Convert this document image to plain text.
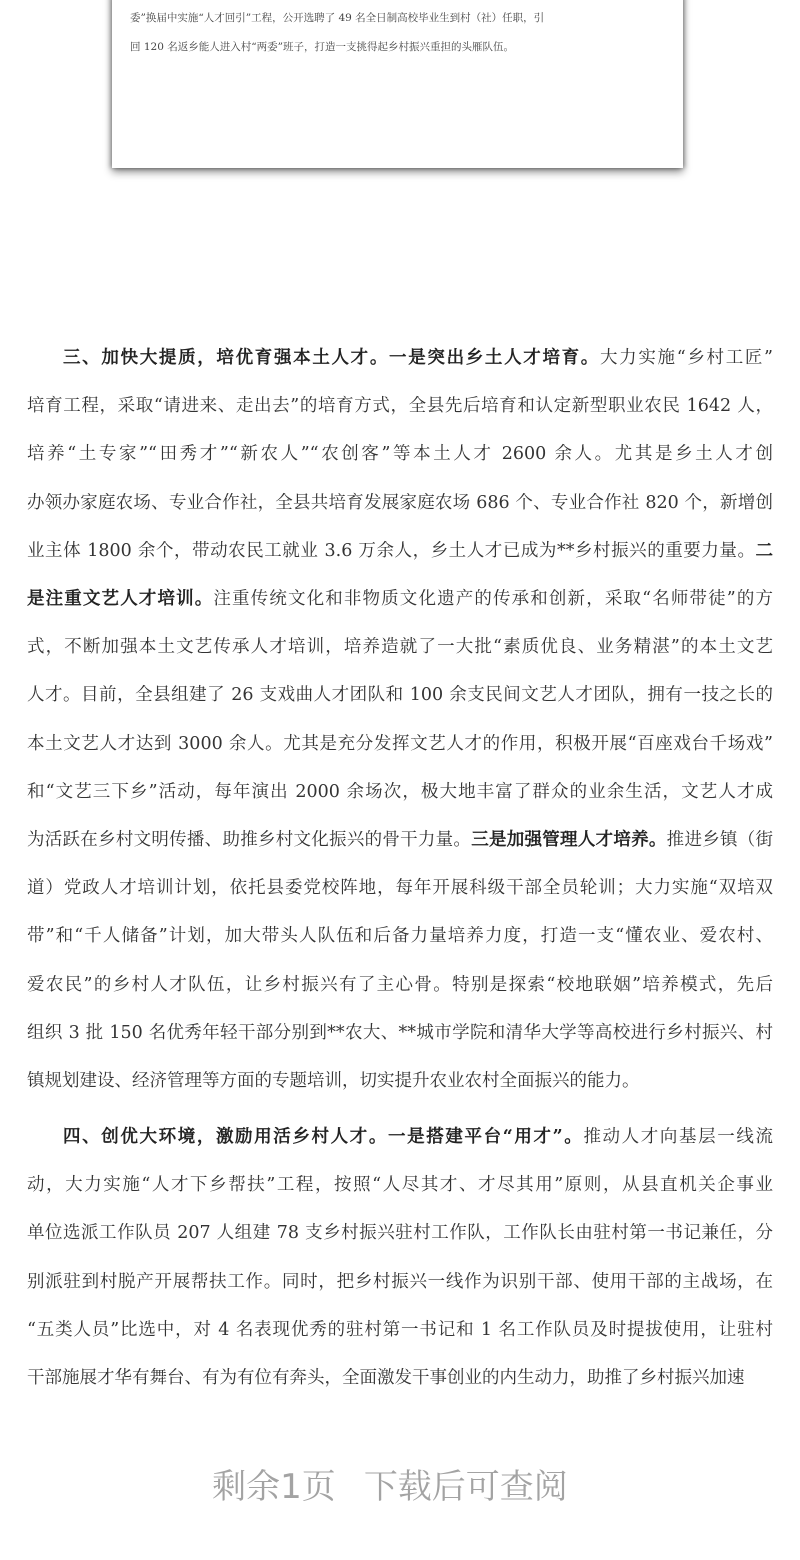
委”换届中实施“人才回引”工程，公开选聘了 49 名全日制高校毕业生到村（社）任职，引
回 120 名返乡能人进入村“两委”班子，打造一支挑得起乡村振兴重担的头雁队伍。
三、加快大提质，培优育强本土人才。一是突出乡土人才培育。大力实施“乡村工匠”
培育工程，采取“请进来、走出去”的培育方式，全县先后培育和认定新型职业农民 1642 人，
培养“土专家”“田秀才”“新农人”“农创客”等本土人才 2600 余人。尤其是乡土人才创
办领办家庭农场、专业合作社，全县共培育发展家庭农场 686 个、专业合作社 820 个，新增创
业主体 1800 余个，带动农民工就业 3.6 万余人，乡土人才已成为**乡村振兴的重要力量。二
是注重文艺人才培训。注重传统文化和非物质文化遗产的传承和创新，采取“名师带徒”的方
式，不断加强本土文艺传承人才培训，培养造就了一大批“素质优良、业务精湛”的本土文艺
人才。目前，全县组建了 26 支戏曲人才团队和 100 余支民间文艺人才团队，拥有一技之长的
本土文艺人才达到 3000 余人。尤其是充分发挥文艺人才的作用，积极开展“百座戏台千场戏”
和“文艺三下乡”活动，每年演出 2000 余场次，极大地丰富了群众的业余生活，文艺人才成
为活跃在乡村文明传播、助推乡村文化振兴的骨干力量。三是加强管理人才培养。推进乡镇（街
道）党政人才培训计划，依托县委党校阵地，每年开展科级干部全员轮训；大力实施“双培双
带”和“千人储备”计划，加大带头人队伍和后备力量培养力度，打造一支“懂农业、爱农村、
爱农民”的乡村人才队伍，让乡村振兴有了主心骨。特别是探索“校地联姻”培养模式，先后
组织 3 批 150 名优秀年轻干部分别到**农大、**城市学院和清华大学等高校进行乡村振兴、村
镇规划建设、经济管理等方面的专题培训，切实提升农业农村全面振兴的能力。
四、创优大环境，激励用活乡村人才。一是搭建平台“用才”。推动人才向基层一线流
动，大力实施“人才下乡帮扶”工程，按照“人尽其才、才尽其用”原则，从县直机关企事业
单位选派工作队员 207 人组建 78 支乡村振兴驻村工作队，工作队长由驻村第一书记兼任，分
别派驻到村脱产开展帮扶工作。同时，把乡村振兴一线作为识别干部、使用干部的主战场，在
“五类人员”比选中，对 4 名表现优秀的驻村第一书记和 1 名工作队员及时提拔使用，让驻村
干部施展才华有舞台、有为有位有奔头，全面激发干事创业的内生动力，助推了乡村振兴加速
剩余1页 下载后可查阅
